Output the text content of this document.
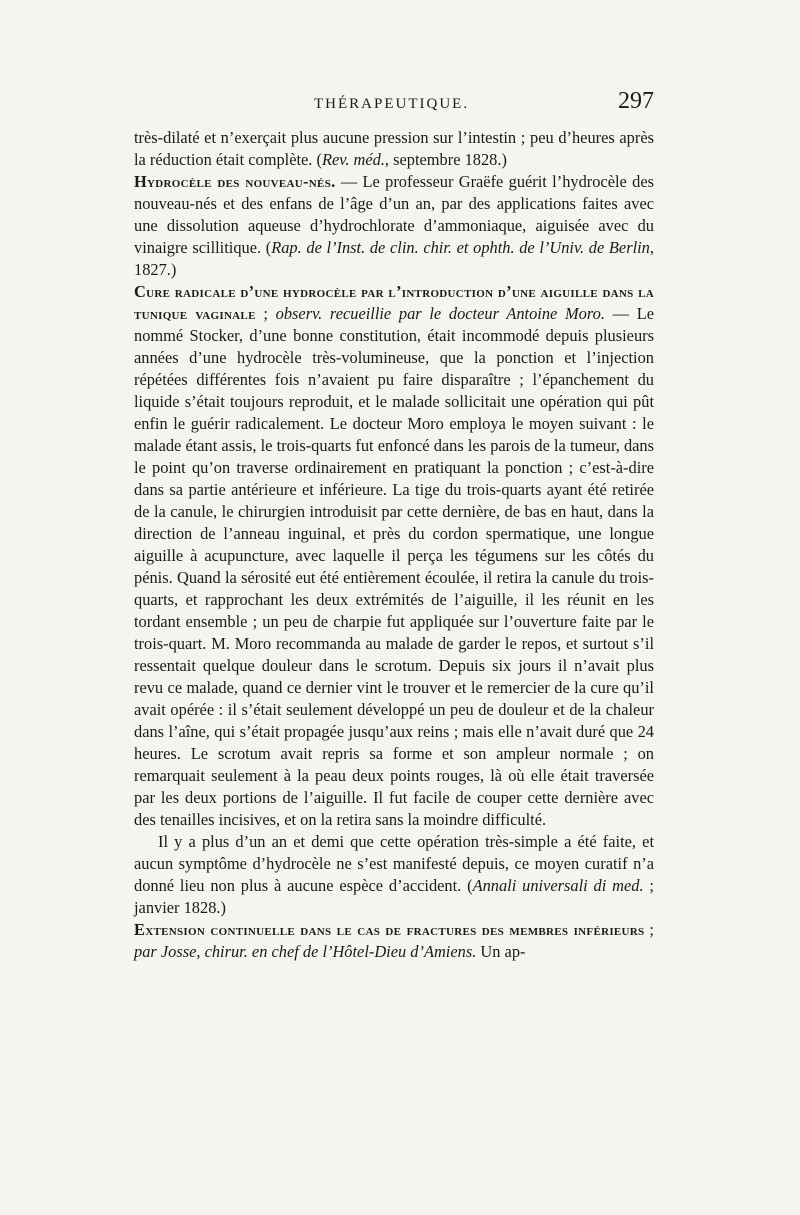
THÉRAPEUTIQUE.	297

très-dilaté et n’exerçait plus aucune pression sur l’intestin ; peu d’heures après la réduction était complète. (Rev. méd., septembre 1828.)

Hydrocèle des nouveau-nés. — Le professeur Graëfe guérit l’hydrocèle des nouveau-nés et des enfans de l’âge d’un an, par des applications faites avec une dissolution aqueuse d’hydrochlorate d’ammoniaque, aiguisée avec du vinaigre scillitique. (Rap. de l’Inst. de clin. chir. et ophth. de l’Univ. de Berlin, 1827.)

Cure radicale d’une hydrocèle par l’introduction d’une aiguille dans la tunique vaginale ; observ. recueillie par le docteur Antoine Moro. — Le nommé Stocker, d’une bonne constitution, était incommodé depuis plusieurs années d’une hydrocèle très-volumineuse, que la ponction et l’injection répétées différentes fois n’avaient pu faire disparaître ; l’épanchement du liquide s’était toujours reproduit, et le malade sollicitait une opération qui pût enfin le guérir radicalement. Le docteur Moro employa le moyen suivant : le malade étant assis, le trois-quarts fut enfoncé dans les parois de la tumeur, dans le point qu’on traverse ordinairement en pratiquant la ponction ; c’est-à-dire dans sa partie antérieure et inférieure. La tige du trois-quarts ayant été retirée de la canule, le chirurgien introduisit par cette dernière, de bas en haut, dans la direction de l’anneau inguinal, et près du cordon spermatique, une longue aiguille à acupuncture, avec laquelle il perça les tégumens sur les côtés du pénis. Quand la sérosité eut été entièrement écoulée, il retira la canule du trois-quarts, et rapprochant les deux extrémités de l’aiguille, il les réunit en les tordant ensemble ; un peu de charpie fut appliquée sur l’ouverture faite par le trois-quart. M. Moro recommanda au malade de garder le repos, et surtout s’il ressentait quelque douleur dans le scrotum. Depuis six jours il n’avait plus revu ce malade, quand ce dernier vint le trouver et le remercier de la cure qu’il avait opérée : il s’était seulement développé un peu de douleur et de la chaleur dans l’aîne, qui s’était propagée jusqu’aux reins ; mais elle n’avait duré que 24 heures. Le scrotum avait repris sa forme et son ampleur normale ; on remarquait seulement à la peau deux points rouges, là où elle était traversée par les deux portions de l’aiguille. Il fut facile de couper cette dernière avec des tenailles incisives, et on la retira sans la moindre difficulté.

Il y a plus d’un an et demi que cette opération très-simple a été faite, et aucun symptôme d’hydrocèle ne s’est manifesté depuis, ce moyen curatif n’a donné lieu non plus à aucune espèce d’accident. (Annali universali di med. ; janvier 1828.)

Extension continuelle dans le cas de fractures des membres inférieurs ; par Josse, chirur. en chef de l’Hôtel-Dieu d’Amiens. Un ap-
